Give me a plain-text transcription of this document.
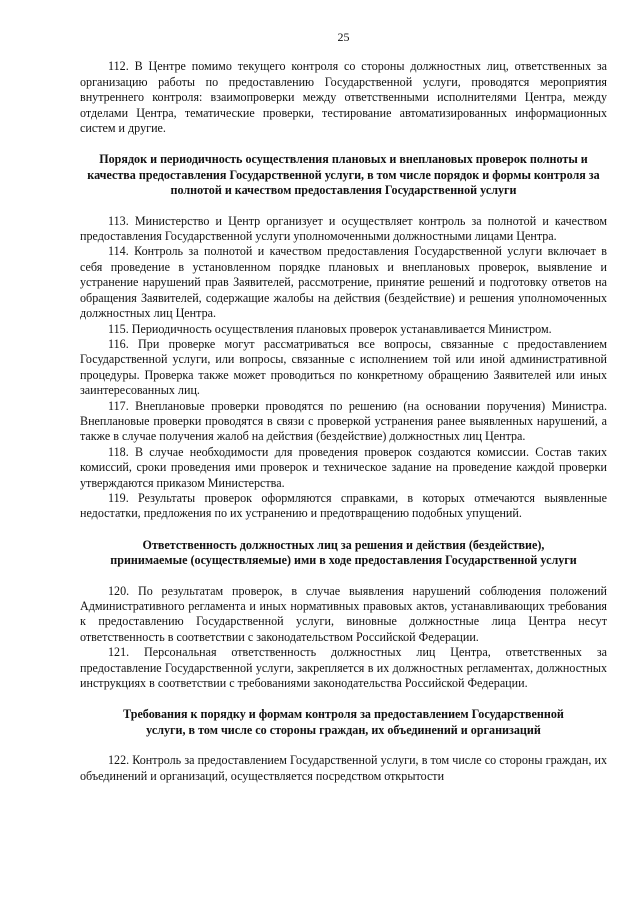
25

112. В Центре помимо текущего контроля со стороны должностных лиц, ответственных за организацию работы по предоставлению Государственной услуги, проводятся мероприятия внутреннего контроля: взаимопроверки между ответственными исполнителями Центра, между отделами Центра, тематические проверки, тестирование автоматизированных информационных систем и другие.

Порядок и периодичность осуществления плановых и внеплановых проверок полноты и качества предоставления Государственной услуги, в том числе порядок и формы контроля за полнотой и качеством предоставления Государственной услуги

113. Министерство и Центр организует и осуществляет контроль за полнотой и качеством предоставления Государственной услуги уполномоченными должностными лицами Центра.

114. Контроль за полнотой и качеством предоставления Государственной услуги включает в себя проведение в установленном порядке плановых и внеплановых проверок, выявление и устранение нарушений прав Заявителей, рассмотрение, принятие решений и подготовку ответов на обращения Заявителей, содержащие жалобы на действия (бездействие) и решения уполномоченных должностных лиц Центра.

115. Периодичность осуществления плановых проверок устанавливается Министром.

116. При проверке могут рассматриваться все вопросы, связанные с предоставлением Государственной услуги, или вопросы, связанные с исполнением той или иной административной процедуры. Проверка также может проводиться по конкретному обращению Заявителей или иных заинтересованных лиц.

117. Внеплановые проверки проводятся по решению (на основании поручения) Министра. Внеплановые проверки проводятся в связи с проверкой устранения ранее выявленных нарушений, а также в случае получения жалоб на действия (бездействие) должностных лиц Центра.

118. В случае необходимости для проведения проверок создаются комиссии. Состав таких комиссий, сроки проведения ими проверок и техническое задание на проведение каждой проверки утверждаются приказом Министерства.

119. Результаты проверок оформляются справками, в которых отмечаются выявленные недостатки, предложения по их устранению и предотвращению подобных упущений.

Ответственность должностных лиц за решения и действия (бездействие), принимаемые (осуществляемые) ими в ходе предоставления Государственной услуги

120. По результатам проверок, в случае выявления нарушений соблюдения положений Административного регламента и иных нормативных правовых актов, устанавливающих требования к предоставлению Государственной услуги, виновные должностные лица Центра несут ответственность в соответствии с законодательством Российской Федерации.

121. Персональная ответственность должностных лиц Центра, ответственных за предоставление Государственной услуги, закрепляется в их должностных регламентах, должностных инструкциях в соответствии с требованиями законодательства Российской Федерации.

Требования к порядку и формам контроля за предоставлением Государственной услуги, в том числе со стороны граждан, их объединений и организаций

122. Контроль за предоставлением Государственной услуги, в том числе со стороны граждан, их объединений и организаций, осуществляется посредством открытости
